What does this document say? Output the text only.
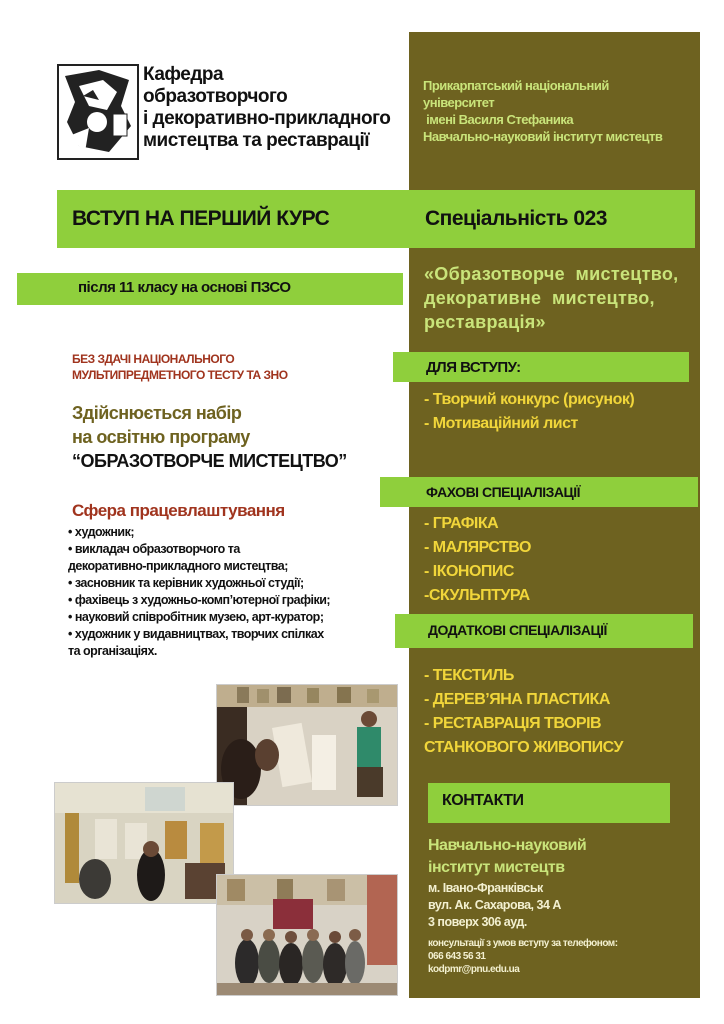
Кафедра
образотворчого
і декоративно-прикладного
мистецтва та реставрації
Прикарпатський національний
університет
імені Василя Стефаника
Навчально-науковий інститут мистецтв
ВСТУП НА ПЕРШИЙ КУРС	Спеціальність 023
після 11 класу на основі ПЗСО
«Образотворче  мистецтво,
декоративне  мистецтво,
реставрація»
БЕЗ ЗДАЧІ НАЦІОНАЛЬНОГО
МУЛЬТИПРЕДМЕТНОГО ТЕСТУ ТА ЗНО
Здійснюється набір
на освітню програму
“ОБРАЗОТВОРЧЕ МИСТЕЦТВО”
Сфера працевлаштування
• художник;
• викладач образотворчого та
декоративно-прикладного мистецтва;
• засновник та керівник художньої студії;
• фахівець з художньо-комп’ютерної графіки;
• науковий співробітник музею, арт-куратор;
• художник у видавництвах, творчих спілках
та організаціях.
ДЛЯ ВСТУПУ:
- Творчий конкурс (рисунок)
- Мотиваційний лист
ФАХОВІ СПЕЦІАЛІЗАЦІЇ
- ГРАФІКА
- МАЛЯРСТВО
- ІКОНОПИС
-СКУЛЬПТУРА
ДОДАТКОВІ СПЕЦІАЛІЗАЦІЇ
- ТЕКСТИЛЬ
- ДЕРЕВ’ЯНА ПЛАСТИКА
- РЕСТАВРАЦІЯ ТВОРІВ
СТАНКОВОГО ЖИВОПИСУ
КОНТАКТИ
Навчально-науковий
інститут мистецтв
м. Івано-Франківськ
вул. Ак. Сахарова, 34 А
3 поверх 306 ауд.
консультації з умов вступу за телефоном:
066 643 56 31
kodpmr@pnu.edu.ua
